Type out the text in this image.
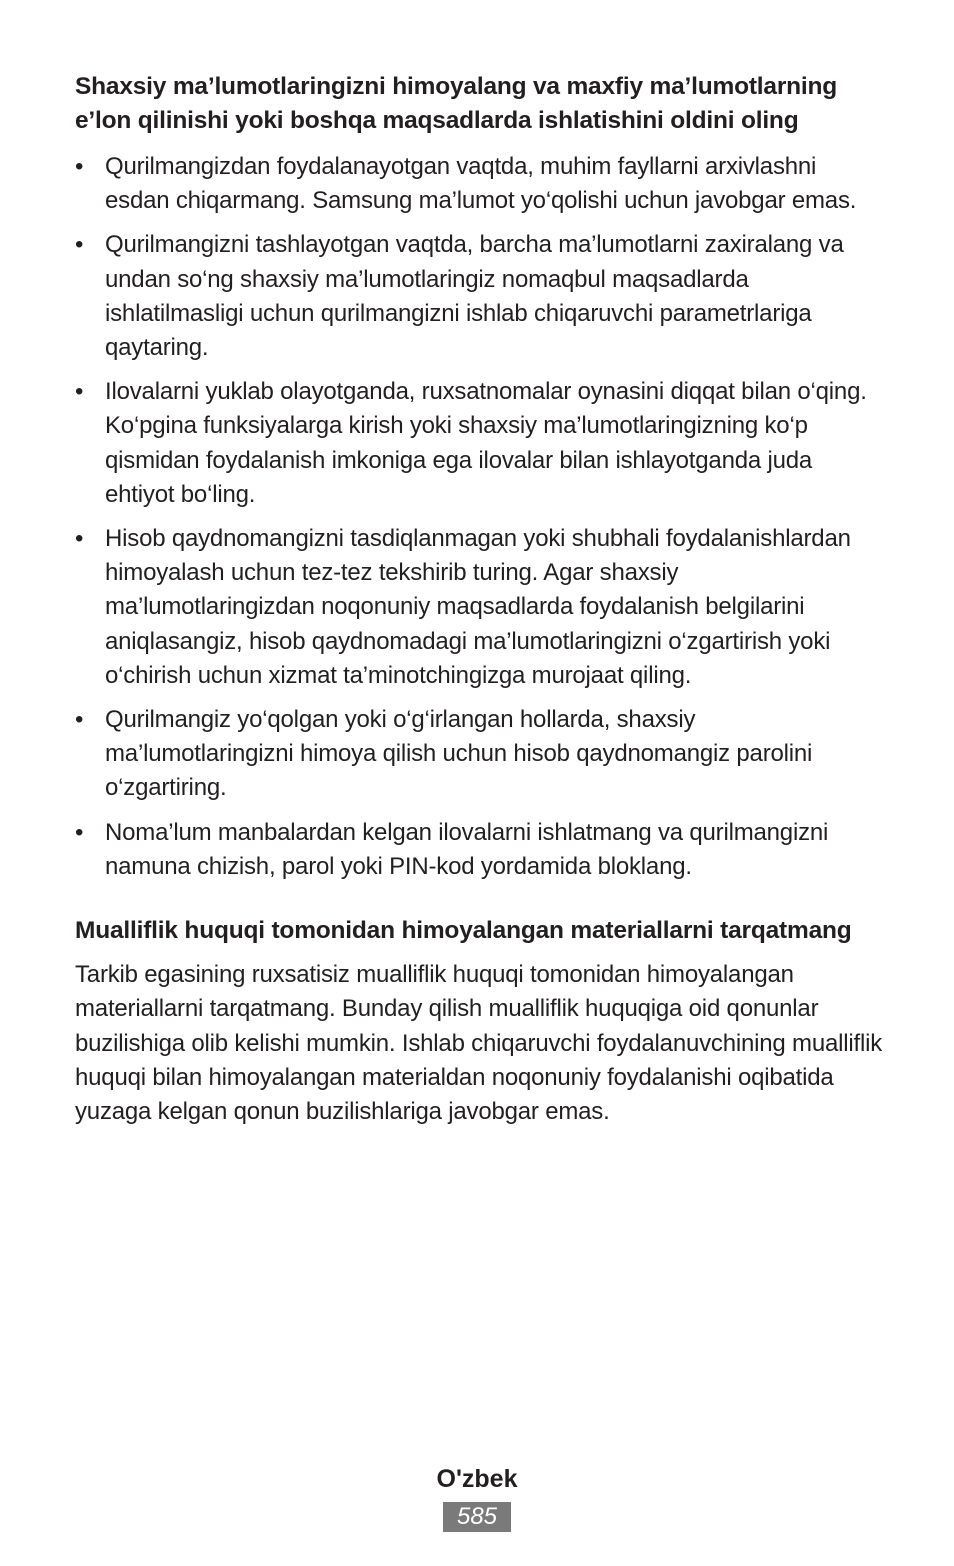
Shaxsiy ma’lumotlaringizni himoyalang va maxfiy ma’lumotlarning e’lon qilinishi yoki boshqa maqsadlarda ishlatishini oldini oling
• Qurilmangizdan foydalanayotgan vaqtda, muhim fayllarni arxivlashni esdan chiqarmang. Samsung ma’lumot yo‘qolishi uchun javobgar emas.
• Qurilmangizni tashlayotgan vaqtda, barcha ma’lumotlarni zaxiralang va undan so‘ng shaxsiy ma’lumotlaringiz nomaqbul maqsadlarda ishlatilmasligi uchun qurilmangizni ishlab chiqaruvchi parametrlariga qaytaring.
• Ilovalarni yuklab olayotganda, ruxsatnomalar oynasini diqqat bilan o‘qing. Ko‘pgina funksiyalarga kirish yoki shaxsiy ma’lumotlaringizning ko‘p qismidan foydalanish imkoniga ega ilovalar bilan ishlayotganda juda ehtiyot bo‘ling.
• Hisob qaydnomangizni tasdiqlanmagan yoki shubhali foydalanishlardan himoyalash uchun tez-tez tekshirib turing. Agar shaxsiy ma’lumotlaringizdan noqonuniy maqsadlarda foydalanish belgilarini aniqlasangiz, hisob qaydnomadagi ma’lumotlaringizni o‘zgartirish yoki o‘chirish uchun xizmat ta’minotchingizga murojaat qiling.
• Qurilmangiz yo‘qolgan yoki o‘g‘irlangan hollarda, shaxsiy ma’lumotlaringizni himoya qilish uchun hisob qaydnomangiz parolini o‘zgartiring.
• Noma’lum manbalardan kelgan ilovalarni ishlatmang va qurilmangizni namuna chizish, parol yoki PIN-kod yordamida bloklang.
Mualliflik huquqi tomonidan himoyalangan materiallarni tarqatmang

Tarkib egasining ruxsatisiz mualliflik huquqi tomonidan himoyalangan materiallarni tarqatmang. Bunday qilish mualliflik huquqiga oid qonunlar buzilishiga olib kelishi mumkin. Ishlab chiqaruvchi foydalanuvchining mualliflik huquqi bilan himoyalangan materialdan noqonuniy foydalanishi oqibatida yuzaga kelgan qonun buzilishlariga javobgar emas.

O'zbek
585
